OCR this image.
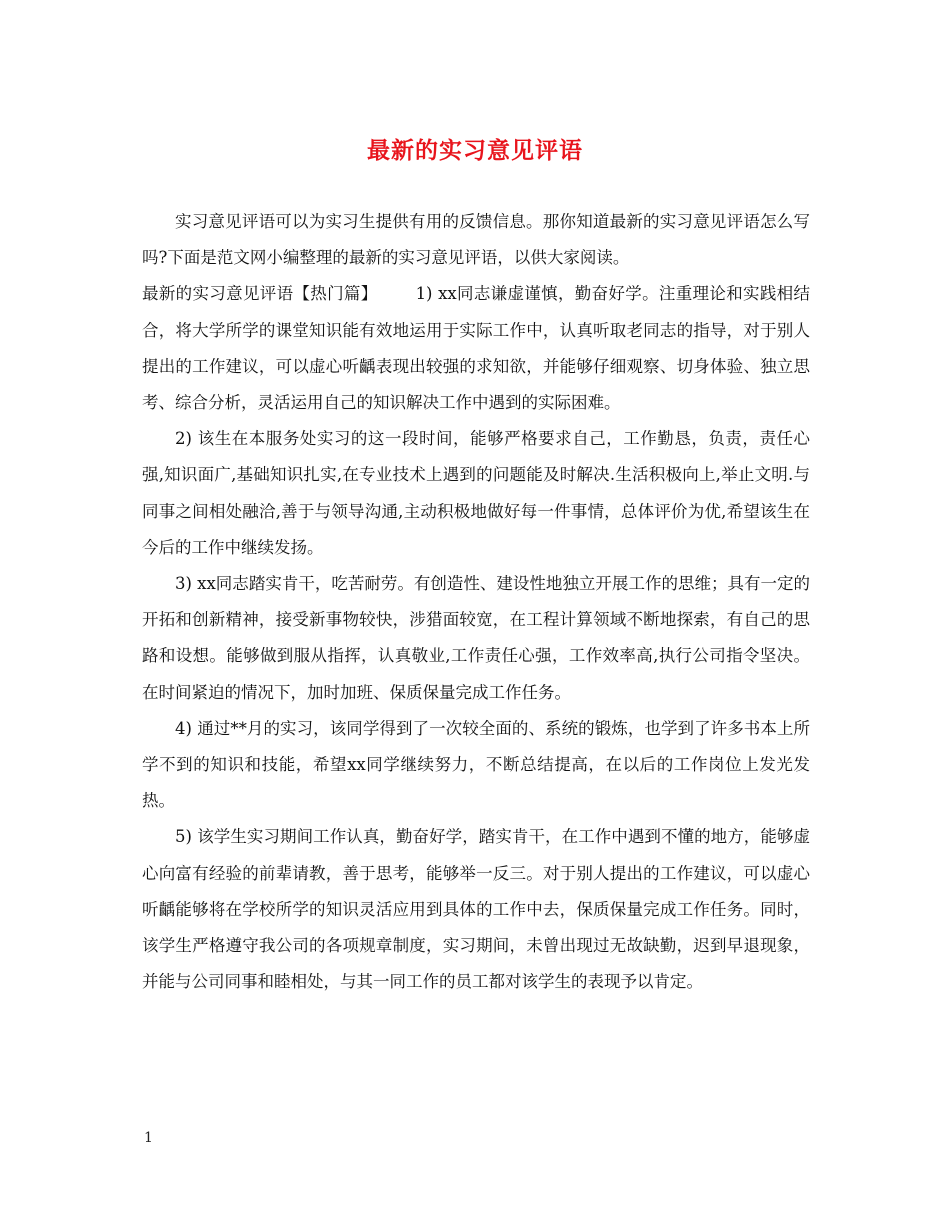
最新的实习意见评语

实习意见评语可以为实习生提供有用的反馈信息。那你知道最新的实习意见评语怎么写吗?下面是范文网小编整理的最新的实习意见评语，以供大家阅读。

最新的实习意见评语【热门篇】 1) xx同志谦虚谨慎，勤奋好学。注重理论和实践相结合，将大学所学的课堂知识能有效地运用于实际工作中，认真听取老同志的指导，对于别人提出的工作建议，可以虚心听齲表现出较强的求知欲，并能够仔细观察、切身体验、独立思考、综合分析，灵活运用自己的知识解决工作中遇到的实际困难。

2) 该生在本服务处实习的这一段时间，能够严格要求自己，工作勤恳，负责，责任心强,知识面广,基础知识扎实,在专业技术上遇到的问题能及时解决.生活积极向上,举止文明.与同事之间相处融洽,善于与领导沟通,主动积极地做好每一件事情，总体评价为优,希望该生在今后的工作中继续发扬。

3) xx同志踏实肯干，吃苦耐劳。有创造性、建设性地独立开展工作的思维；具有一定的开拓和创新精神，接受新事物较快，涉猎面较宽，在工程计算领域不断地探索，有自己的思路和设想。能够做到服从指挥，认真敬业,工作责任心强，工作效率高,执行公司指令坚决。在时间紧迫的情况下，加时加班、保质保量完成工作任务。

4) 通过**月的实习，该同学得到了一次较全面的、系统的锻炼，也学到了许多书本上所学不到的知识和技能，希望xx同学继续努力，不断总结提高，在以后的工作岗位上发光发热。

5) 该学生实习期间工作认真，勤奋好学，踏实肯干，在工作中遇到不懂的地方，能够虚心向富有经验的前辈请教，善于思考，能够举一反三。对于别人提出的工作建议，可以虚心听齲能够将在学校所学的知识灵活应用到具体的工作中去，保质保量完成工作任务。同时，该学生严格遵守我公司的各项规章制度，实习期间，未曾出现过无故缺勤，迟到早退现象，并能与公司同事和睦相处，与其一同工作的员工都对该学生的表现予以肯定。

1
